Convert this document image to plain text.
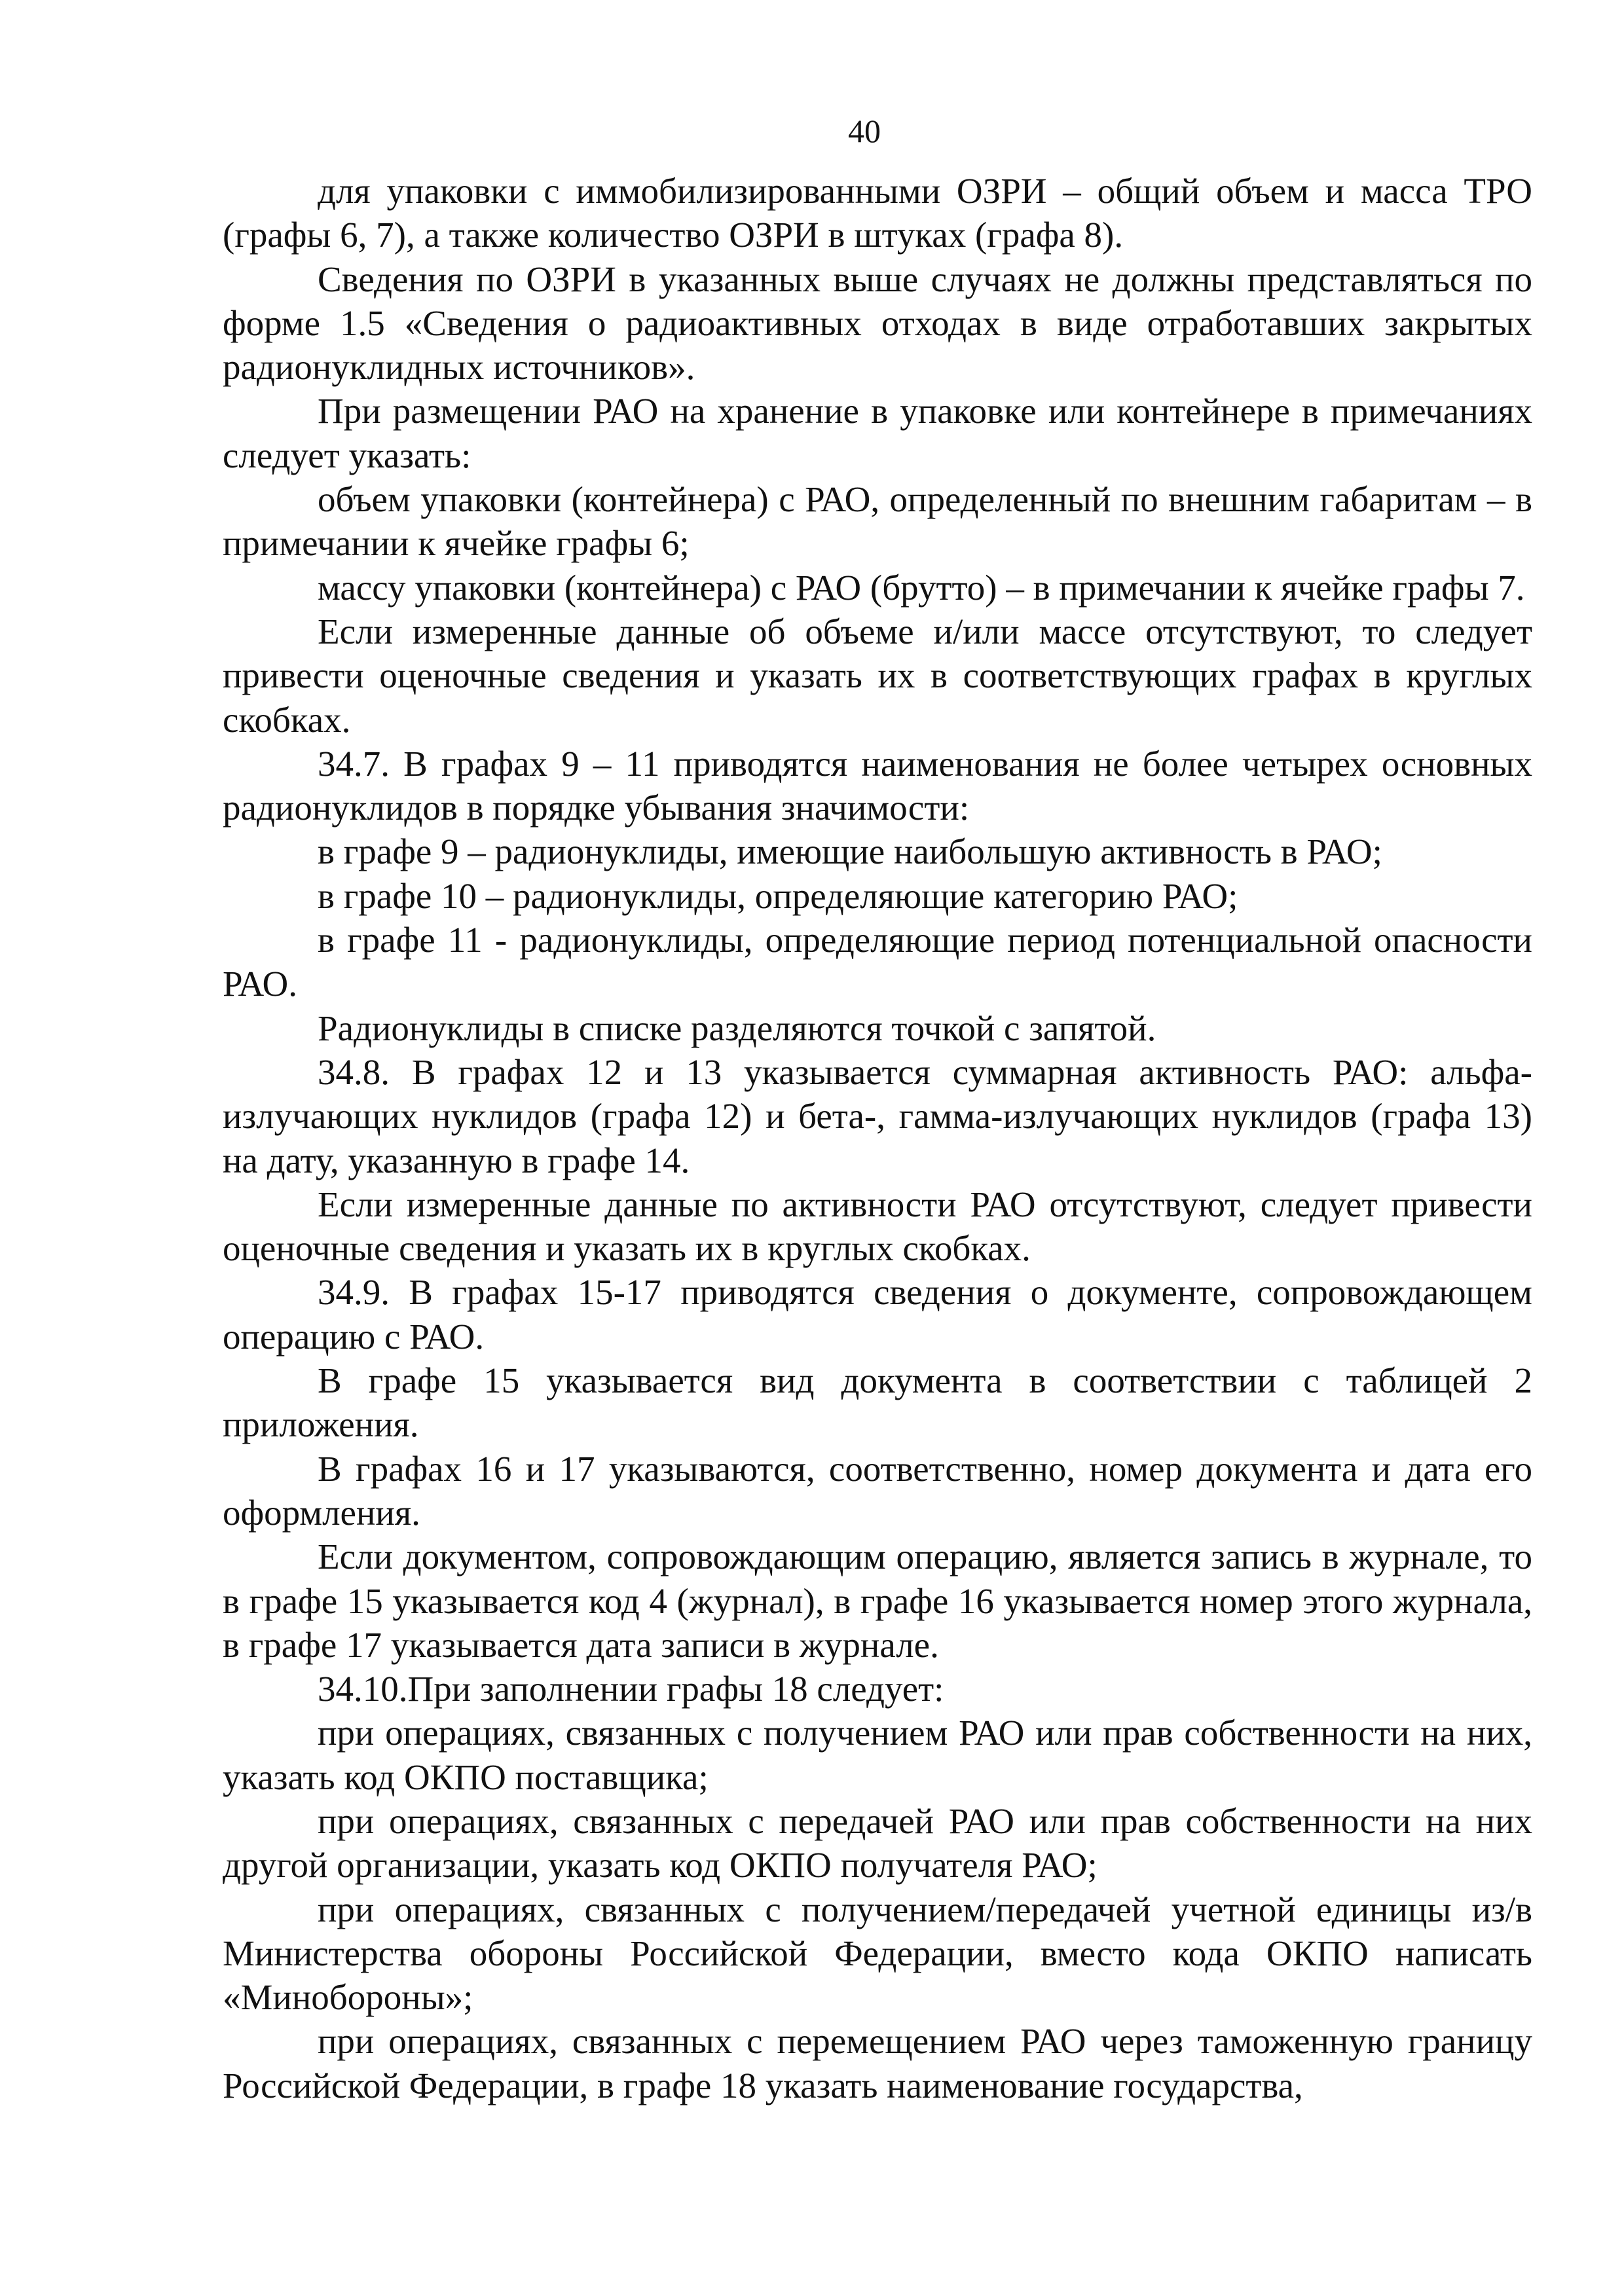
40

для упаковки с иммобилизированными ОЗРИ – общий объем и масса ТРО (графы 6, 7), а также количество ОЗРИ в штуках (графа 8).

Сведения по ОЗРИ в указанных выше случаях не должны представляться по форме 1.5 «Сведения о радиоактивных отходах в виде отработавших закрытых радионуклидных источников».

При размещении РАО на хранение в упаковке или контейнере в примечаниях следует указать:

объем упаковки (контейнера) с РАО, определенный по внешним габаритам – в примечании к ячейке графы 6;

массу упаковки (контейнера) с РАО (брутто) – в примечании к ячейке графы 7.

Если измеренные данные об объеме и/или массе отсутствуют, то следует привести оценочные сведения и указать их в соответствующих графах в круглых скобках.

34.7. В графах 9 – 11 приводятся наименования не более четырех основных радионуклидов в порядке убывания значимости:

в графе 9 – радионуклиды, имеющие наибольшую активность в РАО;

в графе 10 – радионуклиды, определяющие категорию РАО;

в графе 11 - радионуклиды, определяющие период потенциальной опасности РАО.

Радионуклиды в списке разделяются точкой с запятой.

34.8. В графах 12 и 13 указывается суммарная активность РАО: альфа-излучающих нуклидов (графа 12) и бета-, гамма-излучающих нуклидов (графа 13) на дату, указанную в графе 14.

Если измеренные данные по активности РАО отсутствуют, следует привести оценочные сведения и указать их в круглых скобках.

34.9. В графах 15-17 приводятся сведения о документе, сопровождающем операцию с РАО.

В графе 15 указывается вид документа в соответствии с таблицей 2 приложения.

В графах 16 и 17 указываются, соответственно, номер документа и дата его оформления.

Если документом, сопровождающим операцию, является запись в журнале, то в графе 15 указывается код 4 (журнал), в графе 16 указывается номер этого журнала, в графе 17 указывается дата записи в журнале.

34.10.При заполнении графы 18 следует:

при операциях, связанных с получением РАО или прав собственности на них, указать код ОКПО поставщика;

при операциях, связанных с передачей РАО или прав собственности на них другой организации, указать код ОКПО получателя РАО;

при операциях, связанных с получением/передачей учетной единицы из/в Министерства обороны Российской Федерации, вместо кода ОКПО написать «Минобороны»;

при операциях, связанных с перемещением РАО через таможенную границу Российской Федерации, в графе 18 указать наименование государства,
